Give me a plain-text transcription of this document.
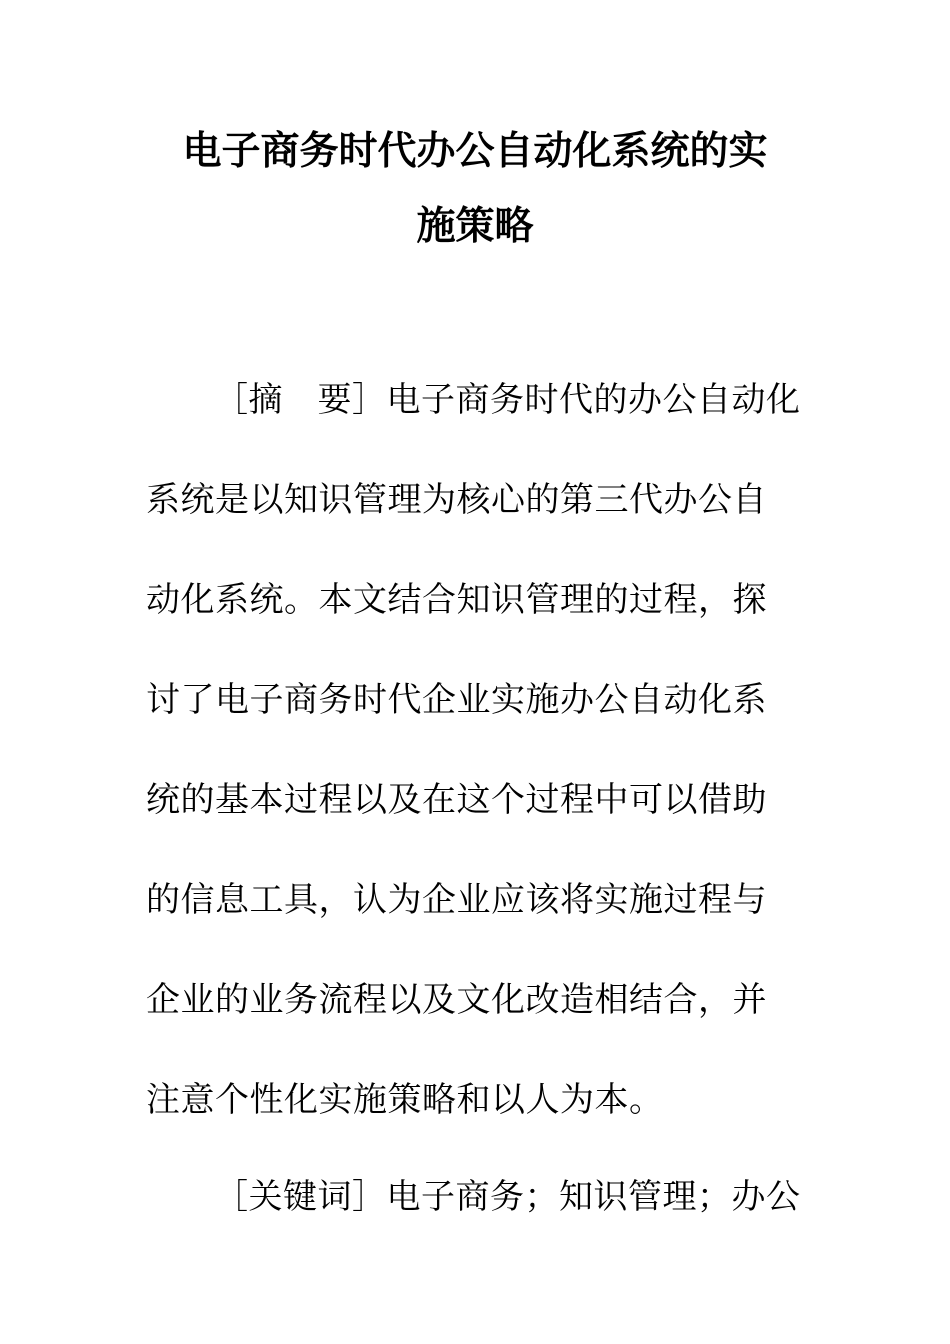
电子商务时代办公自动化系统的实
施策略
［摘　要］电子商务时代的办公自动化
系统是以知识管理为核心的第三代办公自
动化系统。本文结合知识管理的过程，探
讨了电子商务时代企业实施办公自动化系
统的基本过程以及在这个过程中可以借助
的信息工具，认为企业应该将实施过程与
企业的业务流程以及文化改造相结合，并
注意个性化实施策略和以人为本。
［关键词］电子商务；知识管理；办公
